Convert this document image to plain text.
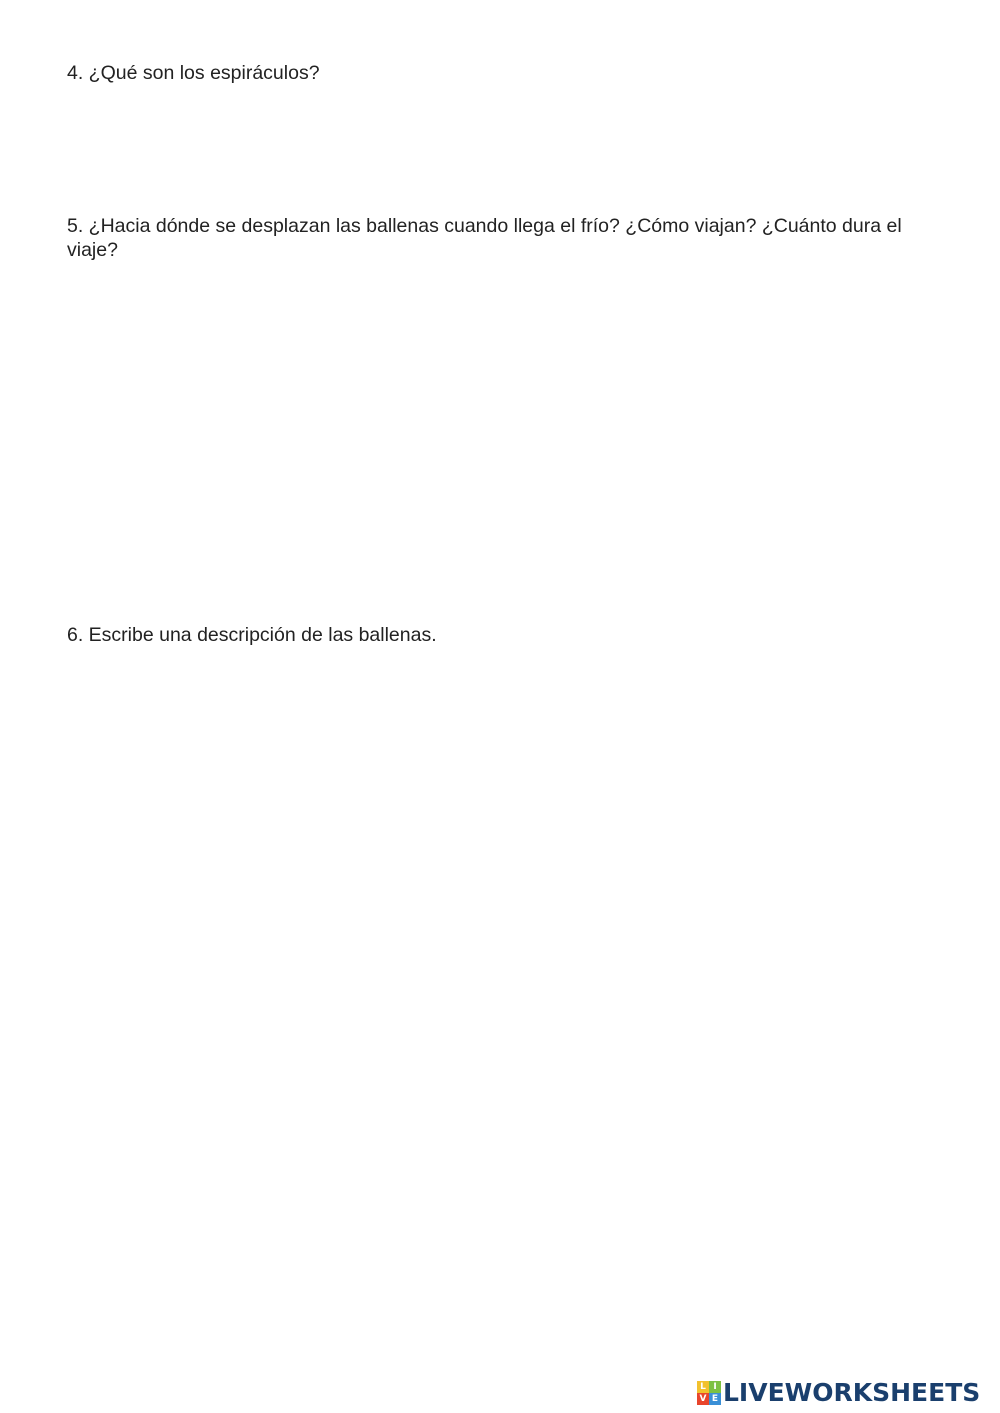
4. ¿Qué son los espiráculos?

5. ¿Hacia dónde se desplazan las ballenas cuando llega el frío? ¿Cómo viajan? ¿Cuánto dura el viaje?

6. Escribe una descripción de las ballenas.

L I
V E LIVEWORKSHEETS
